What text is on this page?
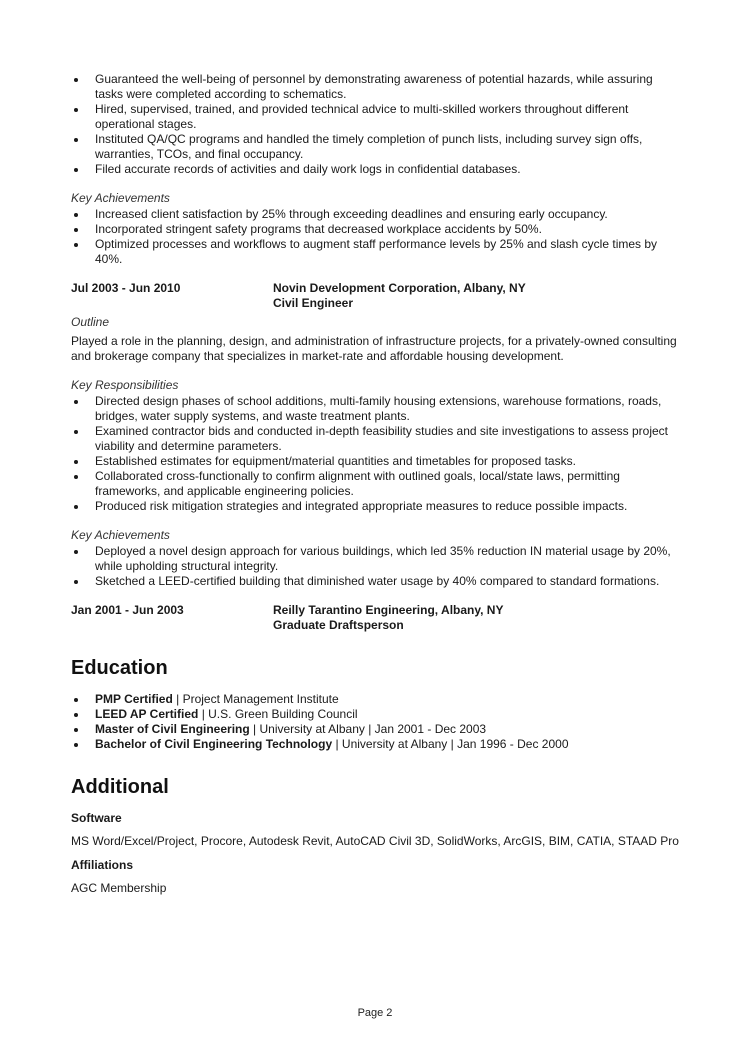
Guaranteed the well-being of personnel by demonstrating awareness of potential hazards, while assuring tasks were completed according to schematics.
Hired, supervised, trained, and provided technical advice to multi-skilled workers throughout different operational stages.
Instituted QA/QC programs and handled the timely completion of punch lists, including survey sign offs, warranties, TCOs, and final occupancy.
Filed accurate records of activities and daily work logs in confidential databases.
Key Achievements
Increased client satisfaction by 25% through exceeding deadlines and ensuring early occupancy.
Incorporated stringent safety programs that decreased workplace accidents by 50%.
Optimized processes and workflows to augment staff performance levels by 25% and slash cycle times by 40%.
Jul 2003 - Jun 2010	Novin Development Corporation, Albany, NY
Civil Engineer
Outline

Played a role in the planning, design, and administration of infrastructure projects, for a privately-owned consulting and brokerage company that specializes in market-rate and affordable housing development.

Key Responsibilities
Directed design phases of school additions, multi-family housing extensions, warehouse formations, roads, bridges, water supply systems, and waste treatment plants.
Examined contractor bids and conducted in-depth feasibility studies and site investigations to assess project viability and determine parameters.
Established estimates for equipment/material quantities and timetables for proposed tasks.
Collaborated cross-functionally to confirm alignment with outlined goals, local/state laws, permitting frameworks, and applicable engineering policies.
Produced risk mitigation strategies and integrated appropriate measures to reduce possible impacts.
Key Achievements
Deployed a novel design approach for various buildings, which led 35% reduction IN material usage by 20%, while upholding structural integrity.
Sketched a LEED-certified building that diminished water usage by 40% compared to standard formations.
Jan 2001 - Jun 2003	Reilly Tarantino Engineering, Albany, NY
Graduate Draftsperson
Education
PMP Certified | Project Management Institute
LEED AP Certified | U.S. Green Building Council
Master of Civil Engineering | University at Albany | Jan 2001 - Dec 2003
Bachelor of Civil Engineering Technology | University at Albany | Jan 1996 - Dec 2000
Additional
Software
MS Word/Excel/Project, Procore, Autodesk Revit, AutoCAD Civil 3D, SolidWorks, ArcGIS, BIM, CATIA, STAAD Pro
Affiliations
AGC Membership
Page 2
